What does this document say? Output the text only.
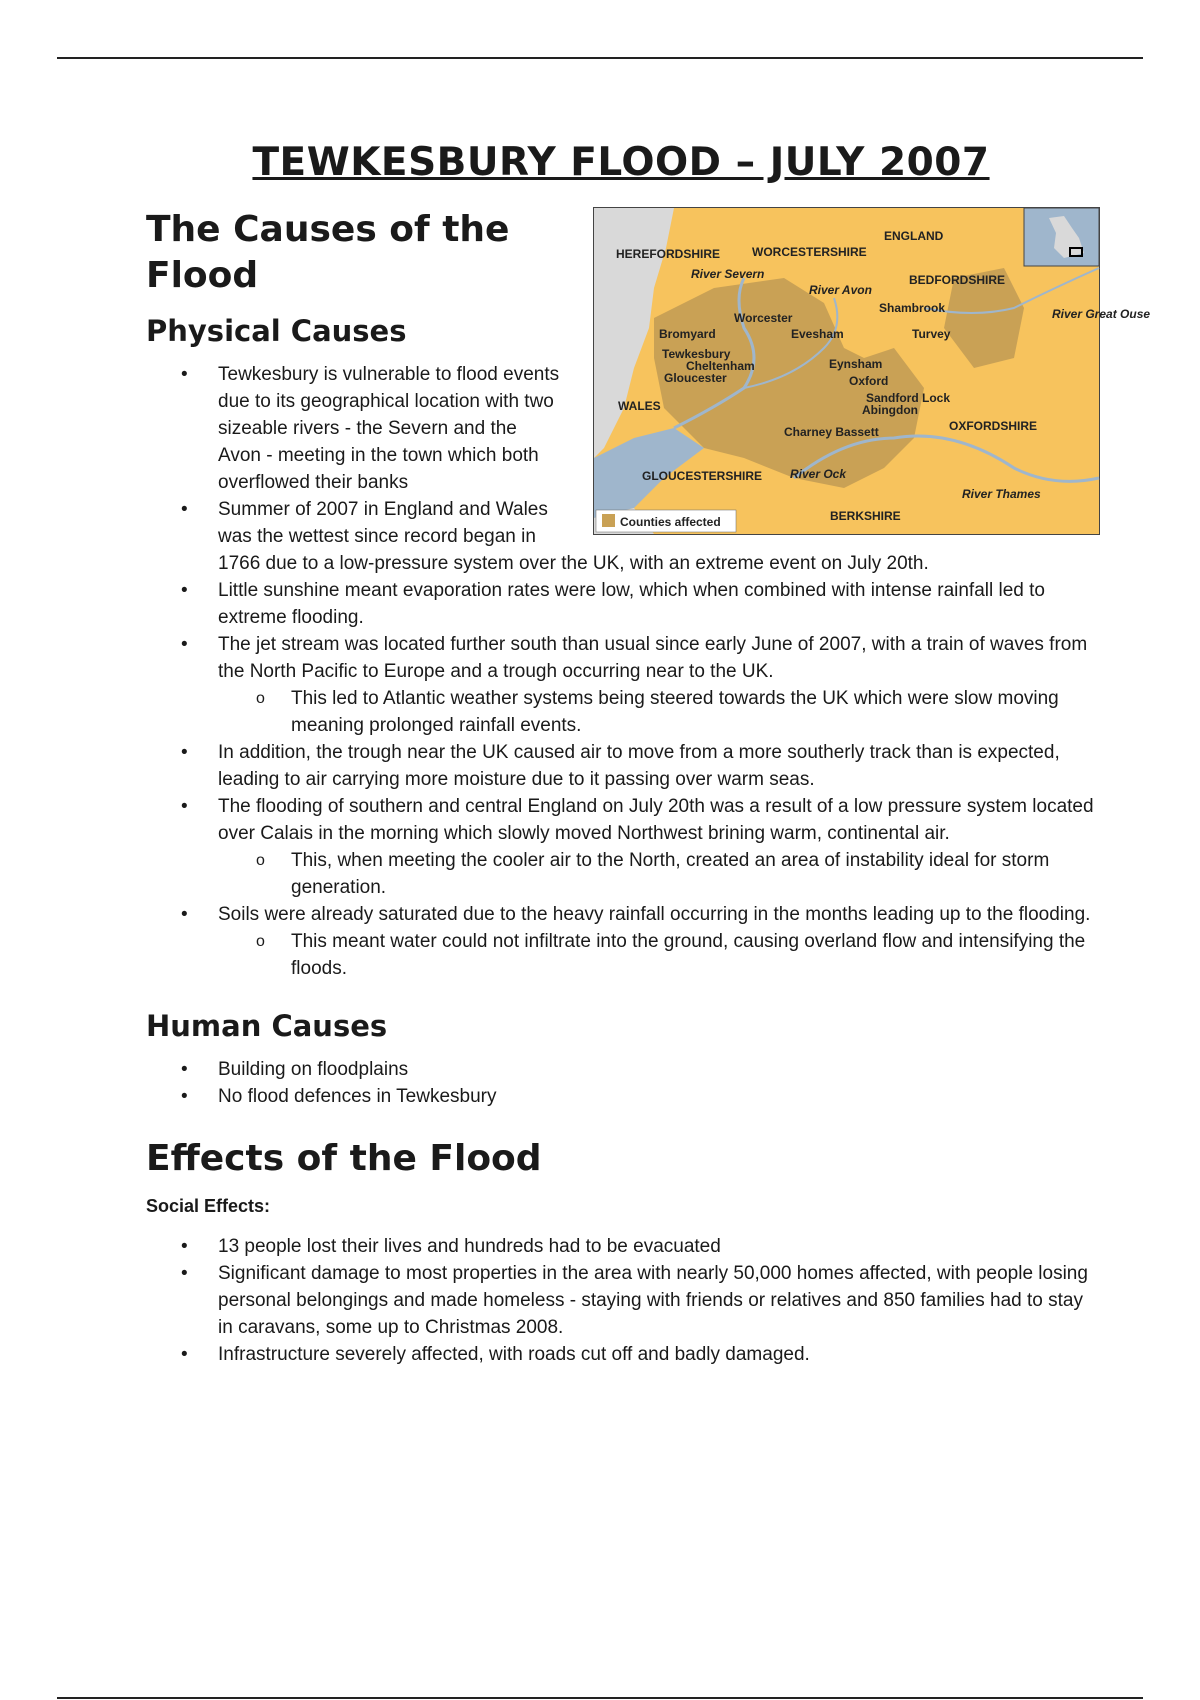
TEWKESBURY FLOOD – JULY 2007
ENGLAND
HEREFORDSHIRE	WORCESTERSHIRE
BEDFORDSHIRE
River Severn
River Avon
Shambrook	River Great Ouse
Worcester
Bromyard	Evesham	Turvey
Tewkesbury
Cheltenham
Gloucester
Eynsham
Oxford
WALES
Sandford Lock
Abingdon
OXFORDSHIRE
Charney Bassett
GLOUCESTERSHIRE River Ock
River Thames
BERKSHIRE
Counties affected
The Causes of the Flood
Physical Causes
• Tewkesbury is vulnerable to flood events due to its geographical location with two sizeable rivers - the Severn and the Avon - meeting in the town which both overflowed their banks
• Summer of 2007 in England and Wales was the wettest since record began in 1766 due to a low-pressure system over the UK, with an extreme event on July 20th.
• Little sunshine meant evaporation rates were low, which when combined with intense rainfall led to extreme flooding.
• The jet stream was located further south than usual since early June of 2007, with a train of waves from the North Pacific to Europe and a trough occurring near to the UK.
o This led to Atlantic weather systems being steered towards the UK which were slow moving meaning prolonged rainfall events.
• In addition, the trough near the UK caused air to move from a more southerly track than is expected, leading to air carrying more moisture due to it passing over warm seas.
• The flooding of southern and central England on July 20th was a result of a low pressure system located over Calais in the morning which slowly moved Northwest brining warm, continental air.
o This, when meeting the cooler air to the North, created an area of instability ideal for storm generation.
• Soils were already saturated due to the heavy rainfall occurring in the months leading up to the flooding.
o This meant water could not infiltrate into the ground, causing overland flow and intensifying the floods.
Human Causes
• Building on floodplains
• No flood defences in Tewkesbury
Effects of the Flood
Social Effects:
• 13 people lost their lives and hundreds had to be evacuated
• Significant damage to most properties in the area with nearly 50,000 homes affected, with people losing personal belongings and made homeless - staying with friends or relatives and 850 families had to stay in caravans, some up to Christmas 2008.
• Infrastructure severely affected, with roads cut off and badly damaged.
